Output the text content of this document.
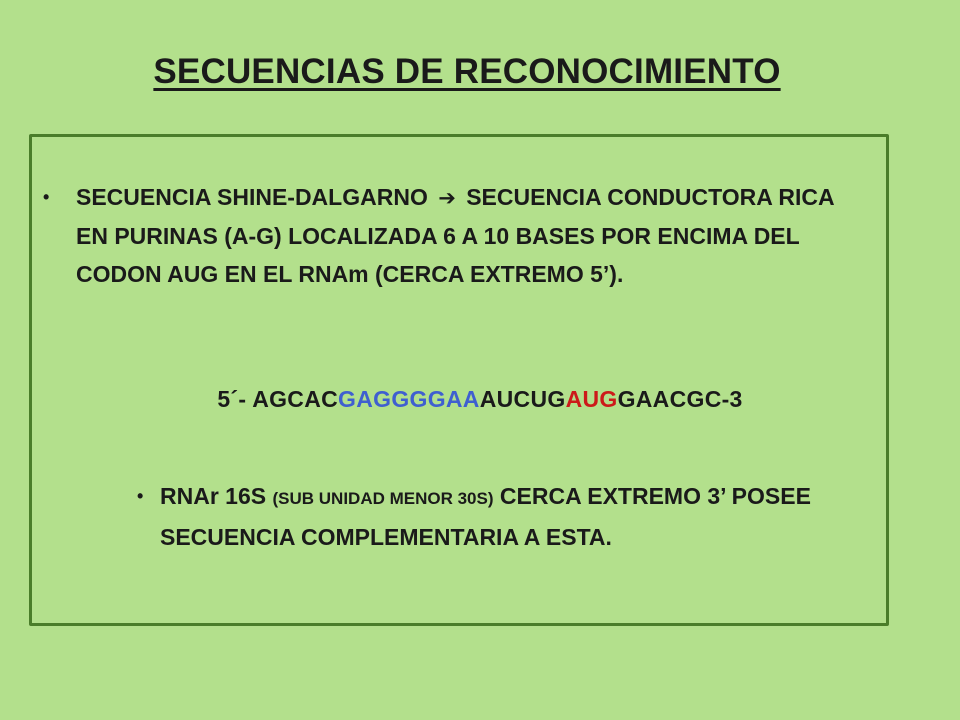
SECUENCIAS DE RECONOCIMIENTO
•	SECUENCIA SHINE-DALGARNO ➔ SECUENCIA CONDUCTORA RICA EN PURINAS (A-G) LOCALIZADA 6 A 10 BASES POR ENCIMA DEL CODON AUG EN EL RNAm (CERCA EXTREMO 5’).
5´- AGCACGAGGGGAAAUCUGAUGGAACGC-3
• RNAr 16S (SUB UNIDAD MENOR 30S) CERCA EXTREMO 3’ POSEE SECUENCIA COMPLEMENTARIA A ESTA.
